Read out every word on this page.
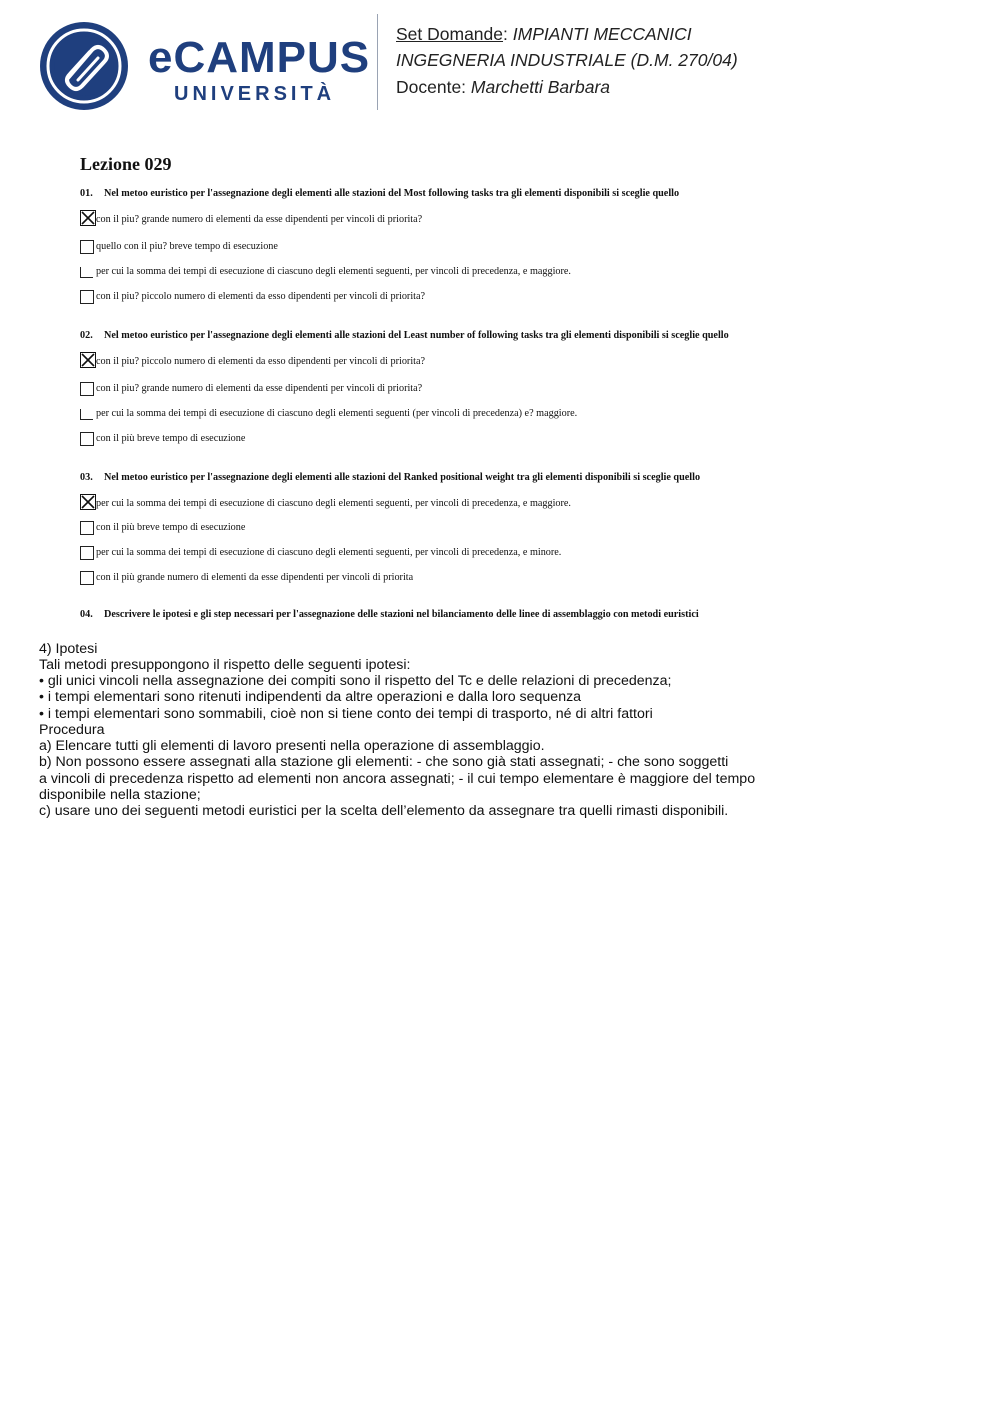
eCAMPUS
UNIVERSITÀ
Set Domande: IMPIANTI MECCANICI
INGEGNERIA INDUSTRIALE (D.M. 270/04)
Docente: Marchetti Barbara
Lezione 029
01. Nel metoo euristico per l'assegnazione degli elementi alle stazioni del Most following tasks tra gli elementi disponibili si sceglie quello
con il piu? grande numero di elementi da esse dipendenti per vincoli di priorita?
quello con il piu? breve tempo di esecuzione
per cui la somma dei tempi di esecuzione di ciascuno degli elementi seguenti, per vincoli di precedenza, e maggiore.
con il piu? piccolo numero di elementi da esso dipendenti per vincoli di priorita?
02. Nel metoo euristico per l'assegnazione degli elementi alle stazioni del Least number of following tasks tra gli elementi disponibili si sceglie quello
con il piu? piccolo numero di elementi da esso dipendenti per vincoli di priorita?
con il piu? grande numero di elementi da esse dipendenti per vincoli di priorita?
per cui la somma dei tempi di esecuzione di ciascuno degli elementi seguenti (per vincoli di precedenza) e? maggiore.
con il più breve tempo di esecuzione
03. Nel metoo euristico per l'assegnazione degli elementi alle stazioni del Ranked positional weight tra gli elementi disponibili si sceglie quello
per cui la somma dei tempi di esecuzione di ciascuno degli elementi seguenti, per vincoli di precedenza, e maggiore.
con il più breve tempo di esecuzione
per cui la somma dei tempi di esecuzione di ciascuno degli elementi seguenti, per vincoli di precedenza, e minore.
con il più grande numero di elementi da esse dipendenti per vincoli di priorita
04. Descrivere le ipotesi e gli step necessari per l'assegnazione delle stazioni nel bilanciamento delle linee di assemblaggio con metodi euristici
4) Ipotesi
Tali metodi presuppongono il rispetto delle seguenti ipotesi:
• gli unici vincoli nella assegnazione dei compiti sono il rispetto del Tc e delle relazioni di precedenza;
• i tempi elementari sono ritenuti indipendenti da altre operazioni e dalla loro sequenza
• i tempi elementari sono sommabili, cioè non si tiene conto dei tempi di trasporto, né di altri fattori
Procedura
a) Elencare tutti gli elementi di lavoro presenti nella operazione di assemblaggio.
b) Non possono essere assegnati alla stazione gli elementi: - che sono già stati assegnati; - che sono soggetti
a vincoli di precedenza rispetto ad elementi non ancora assegnati; - il cui tempo elementare è maggiore del tempo
disponibile nella stazione;
c) usare uno dei seguenti metodi euristici per la scelta dell’elemento da assegnare tra quelli rimasti disponibili.
